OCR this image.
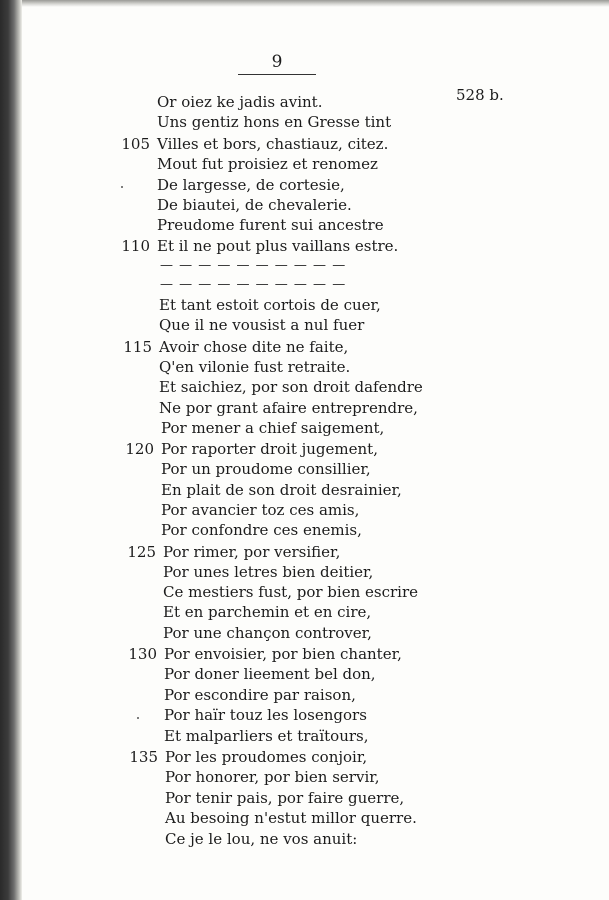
9
528 b.
Or oiez ke jadis avint.
Uns gentiz hons en Gresse tint
105 Villes et bors, chastiauz, citez.
Mout fut proisiez et renomez
De largesse, de cortesie,
De biautei, de chevalerie.
Preudome furent sui ancestre
110 Et il ne pout plus vaillans estre.
— — — — — — — — — —
— — — — — — — — — —
Et tant estoit cortois de cuer,
Que il ne vousist a nul fuer
115 Avoir chose dite ne faite,
Q'en vilonie fust retraite.
Et saichiez, por son droit dafendre
Ne por grant afaire entreprendre,
Por mener a chief saigement,
120 Por raporter droit jugement,
Por un proudome consillier,
En plait de son droit desrainier,
Por avancier toz ces amis,
Por confondre ces enemis,
125 Por rimer, por versifier,
Por unes letres bien deitier,
Ce mestiers fust, por bien escrire
Et en parchemin et en cire,
Por une chançon controver,
130 Por envoisier, por bien chanter,
Por doner lieement bel don,
Por escondire par raison,
Por haïr touz les losengors
Et malparliers et traïtours,
135 Por les proudomes conjoir,
Por honorer, por bien servir,
Por tenir pais, por faire guerre,
Au besoing n'estut millor querre.
Ce je le lou, ne vos anuit:
